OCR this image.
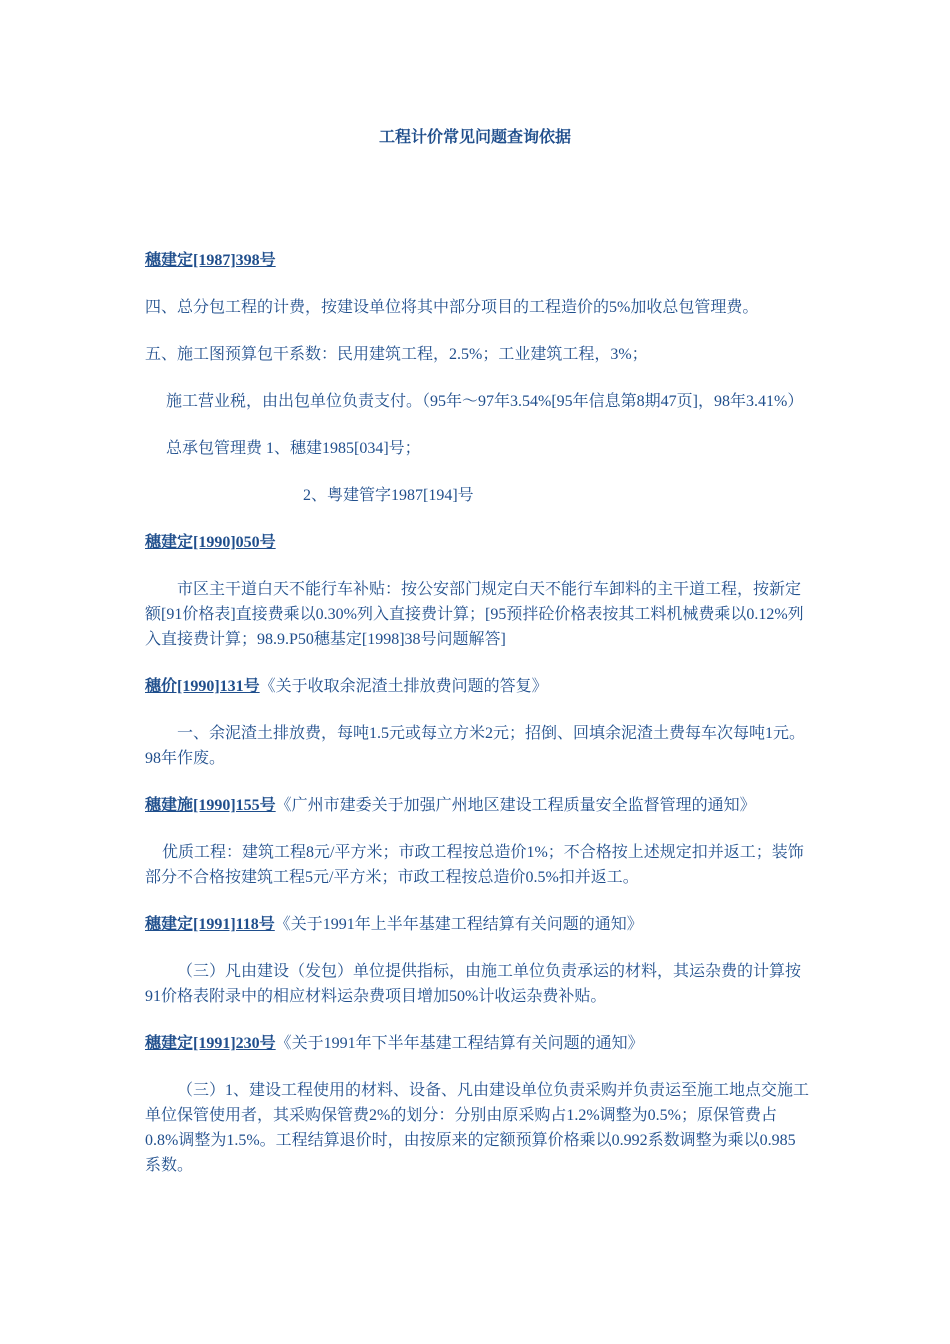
工程计价常见问题查询依据

穗建定[1987]398号

四、总分包工程的计费，按建设单位将其中部分项目的工程造价的5%加收总包管理费。

五、施工图预算包干系数：民用建筑工程，2.5%；工业建筑工程，3%；

施工营业税，由出包单位负责支付。（95年～97年3.54%[95年信息第8期47页]，98年3.41%）

总承包管理费 1、穗建1985[034]号；

2、粤建管字1987[194]号

穗建定[1990]050号

市区主干道白天不能行车补贴：按公安部门规定白天不能行车卸料的主干道工程，按新定额[91价格表]直接费乘以0.30%列入直接费计算；[95预拌砼价格表按其工料机械费乘以0.12%列入直接费计算；98.9.P50穗基定[1998]38号问题解答]

穗价[1990]131号《关于收取余泥渣土排放费问题的答复》

一、余泥渣土排放费，每吨1.5元或每立方米2元；招倒、回填余泥渣土费每车次每吨1元。98年作废。

穗建施[1990]155号《广州市建委关于加强广州地区建设工程质量安全监督管理的通知》

优质工程：建筑工程8元/平方米；市政工程按总造价1%；不合格按上述规定扣并返工；装饰部分不合格按建筑工程5元/平方米；市政工程按总造价0.5%扣并返工。

穗建定[1991]118号《关于1991年上半年基建工程结算有关问题的通知》

（三）凡由建设（发包）单位提供指标，由施工单位负责承运的材料，其运杂费的计算按91价格表附录中的相应材料运杂费项目增加50%计收运杂费补贴。

穗建定[1991]230号《关于1991年下半年基建工程结算有关问题的通知》

（三）1、建设工程使用的材料、设备、凡由建设单位负责采购并负责运至施工地点交施工单位保管使用者，其采购保管费2%的划分：分别由原采购占1.2%调整为0.5%；原保管费占0.8%调整为1.5%。工程结算退价时，由按原来的定额预算价格乘以0.992系数调整为乘以0.985系数。
